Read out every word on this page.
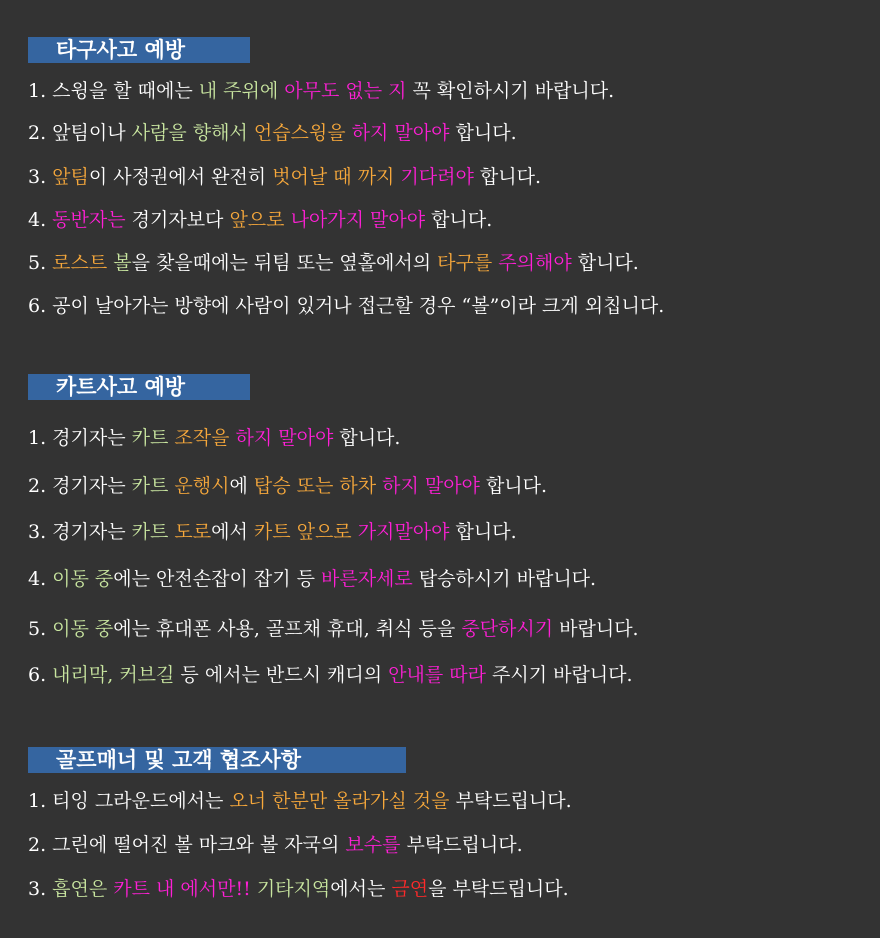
타구사고 예방
1. 스윙을 할 때에는 내 주위에 아무도 없는 지 꼭 확인하시기 바랍니다.
2. 앞팀이나 사람을 향해서 언습스윙을 하지 말아야 합니다.
3. 앞팀이 사정권에서 완전히 벗어날 때 까지 기다려야 합니다.
4. 동반자는 경기자보다 앞으로 나아가지 말아야 합니다.
5. 로스트 볼을 찾을때에는 뒤팀 또는 옆홀에서의 타구를 주의해야 합니다.
6. 공이 날아가는 방향에 사람이 있거나 접근할 경우 “볼”이라 크게 외칩니다.
카트사고 예방
1. 경기자는 카트 조작을 하지 말아야 합니다.
2. 경기자는 카트 운행시에 탑승 또는 하차 하지 말아야 합니다.
3. 경기자는 카트 도로에서 카트 앞으로 가지말아야 합니다.
4. 이동 중에는 안전손잡이 잡기 등 바른자세로 탑승하시기 바랍니다.
5. 이동 중에는 휴대폰 사용, 골프채 휴대, 취식 등을 중단하시기 바랍니다.
6. 내리막, 커브길 등 에서는 반드시 캐디의 안내를 따라 주시기 바랍니다.
골프매너 및 고객 협조사항
1. 티잉 그라운드에서는 오너 한분만 올라가실 것을 부탁드립니다.
2. 그린에 떨어진 볼 마크와 볼 자국의 보수를 부탁드립니다.
3. 흡연은 카트 내 에서만!! 기타지역에서는 금연을 부탁드립니다.
